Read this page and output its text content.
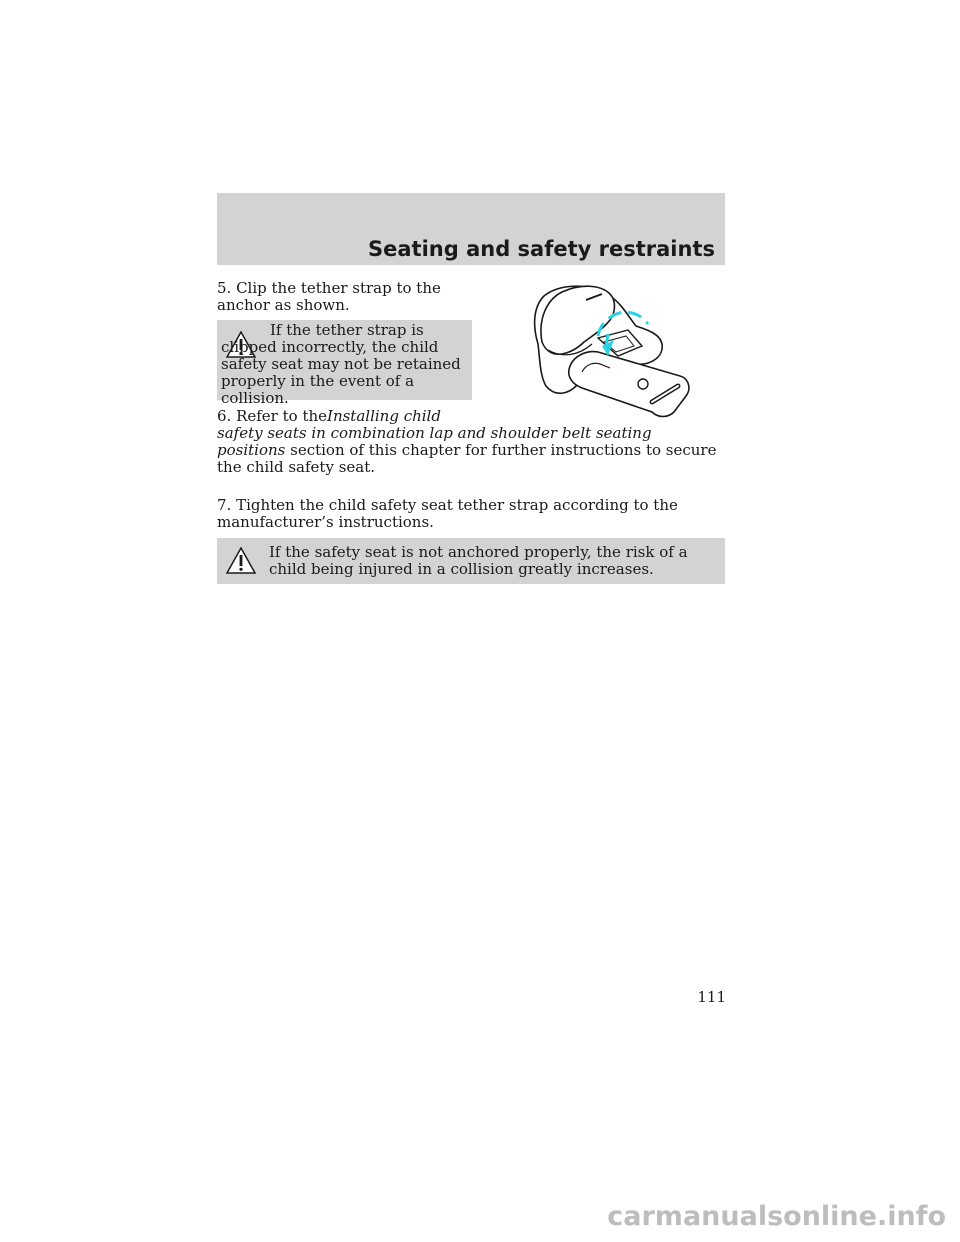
Seating and safety restraints

5. Clip the tether strap to the anchor as shown.

If the tether strap is clipped incorrectly, the child safety seat may not be retained properly in the event of a collision.

6. Refer to theInstalling child
safety seats in combination lap and shoulder belt seating positions section of this chapter for further instructions to secure the child safety seat.

7. Tighten the child safety seat tether strap according to the manufacturer’s instructions.

If the safety seat is not anchored properly, the risk of a child being injured in a collision greatly increases.

111
carmanualsonline.info
